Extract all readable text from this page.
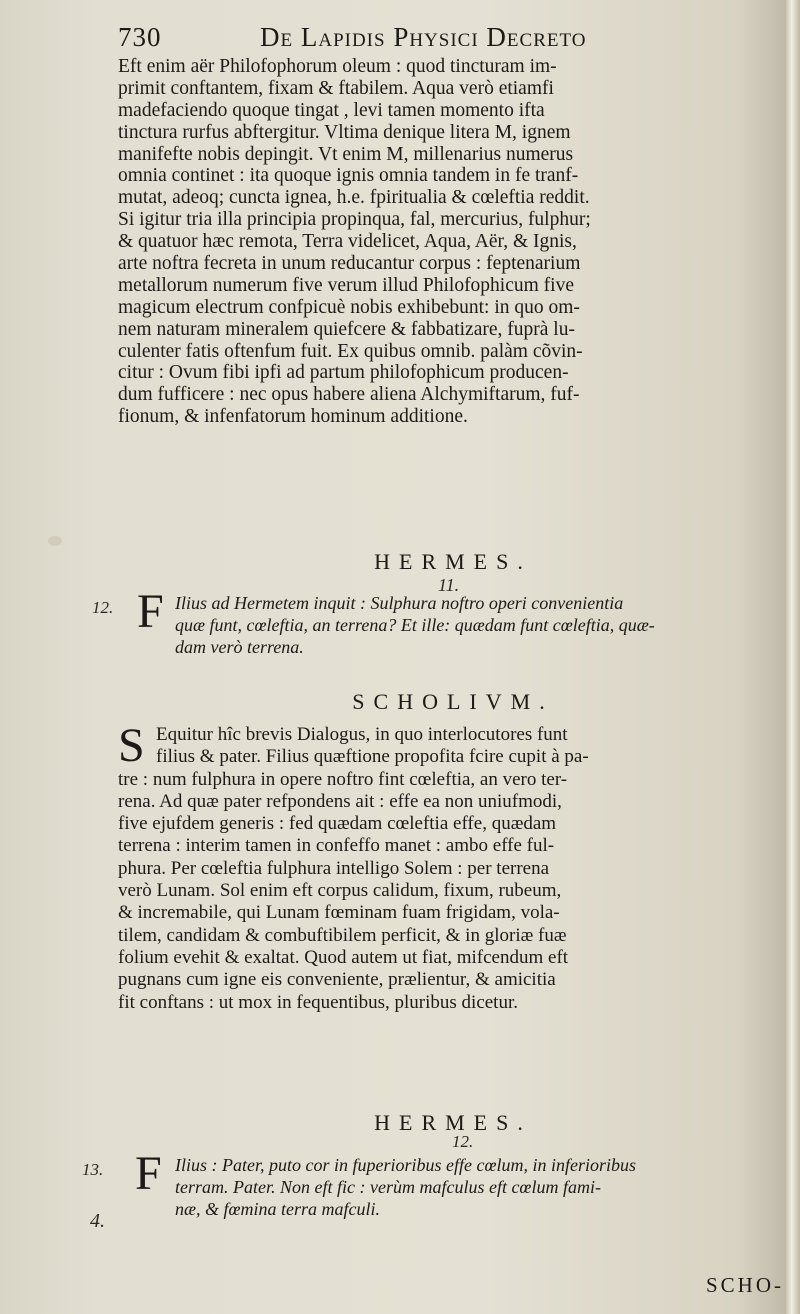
730	De Lapidis Physici Decreto
Eft enim aër Philofophorum oleum : quod tincturam im-
primit conftantem, fixam & ftabilem. Aqua verò etiamfi
madefaciendo quoque tingat , levi tamen momento ifta
tinctura rurfus abftergitur. Vltima denique litera M, ignem
manifefte nobis depingit. Vt enim M, millenarius numerus
omnia continet : ita quoque ignis omnia tandem in fe tranf-
mutat, adeoq; cuncta ignea, h.e. fpiritualia & cœleftia reddit.
Si igitur tria illa principia propinqua, fal, mercurius, fulphur;
& quatuor hæc remota, Terra videlicet, Aqua, Aër, & Ignis,
arte noftra fecreta in unum reducantur corpus : feptenarium
metallorum numerum five verum illud Philofophicum five
magicum electrum confpicuè nobis exhibebunt: in quo om-
nem naturam mineralem quiefcere & fabbatizare, fuprà lu-
culenter fatis oftenfum fuit. Ex quibus omnib. palàm cõvin-
citur : Ovum fibi ipfi ad partum philofophicum producen-
dum fufficere : nec opus habere aliena Alchymiftarum, fuf-
fionum, & infenfatorum hominum additione.
HERMES.
11.
12. F Ilius ad Hermetem inquit : Sulphura noftro operi convenientia
quæ funt, cœleftia, an terrena? Et ille: quædam funt cœleftia, quæ-
dam verò terrena.
SCHOLIVM.
S Equitur hîc brevis Dialogus, in quo interlocutores funt
filius & pater. Filius quæftione propofita fcire cupit à pa-
tre : num fulphura in opere noftro fint cœleftia, an vero ter-
rena. Ad quæ pater refpondens ait : effe ea non uniufmodi,
five ejufdem generis : fed quædam cœleftia effe, quædam
terrena : interim tamen in confeffo manet : ambo effe ful-
phura. Per cœleftia fulphura intelligo Solem : per terrena
verò Lunam. Sol enim eft corpus calidum, fixum, rubeum,
& incremabile, qui Lunam fœminam fuam frigidam, vola-
tilem, candidam & combuftibilem perficit, & in gloriæ fuæ
folium evehit & exaltat. Quod autem ut fiat, mifcendum eft
pugnans cum igne eis conveniente, prælientur, & amicitia
fit conftans : ut mox in fequentibus, pluribus dicetur.
HERMES.
12.
13.
4.
F Ilius : Pater, puto cor in fuperioribus effe cœlum, in inferioribus
terram. Pater. Non eft fic : verùm mafculus eft cœlum fami-
næ, & fœmina terra mafculi.
SCHO-
